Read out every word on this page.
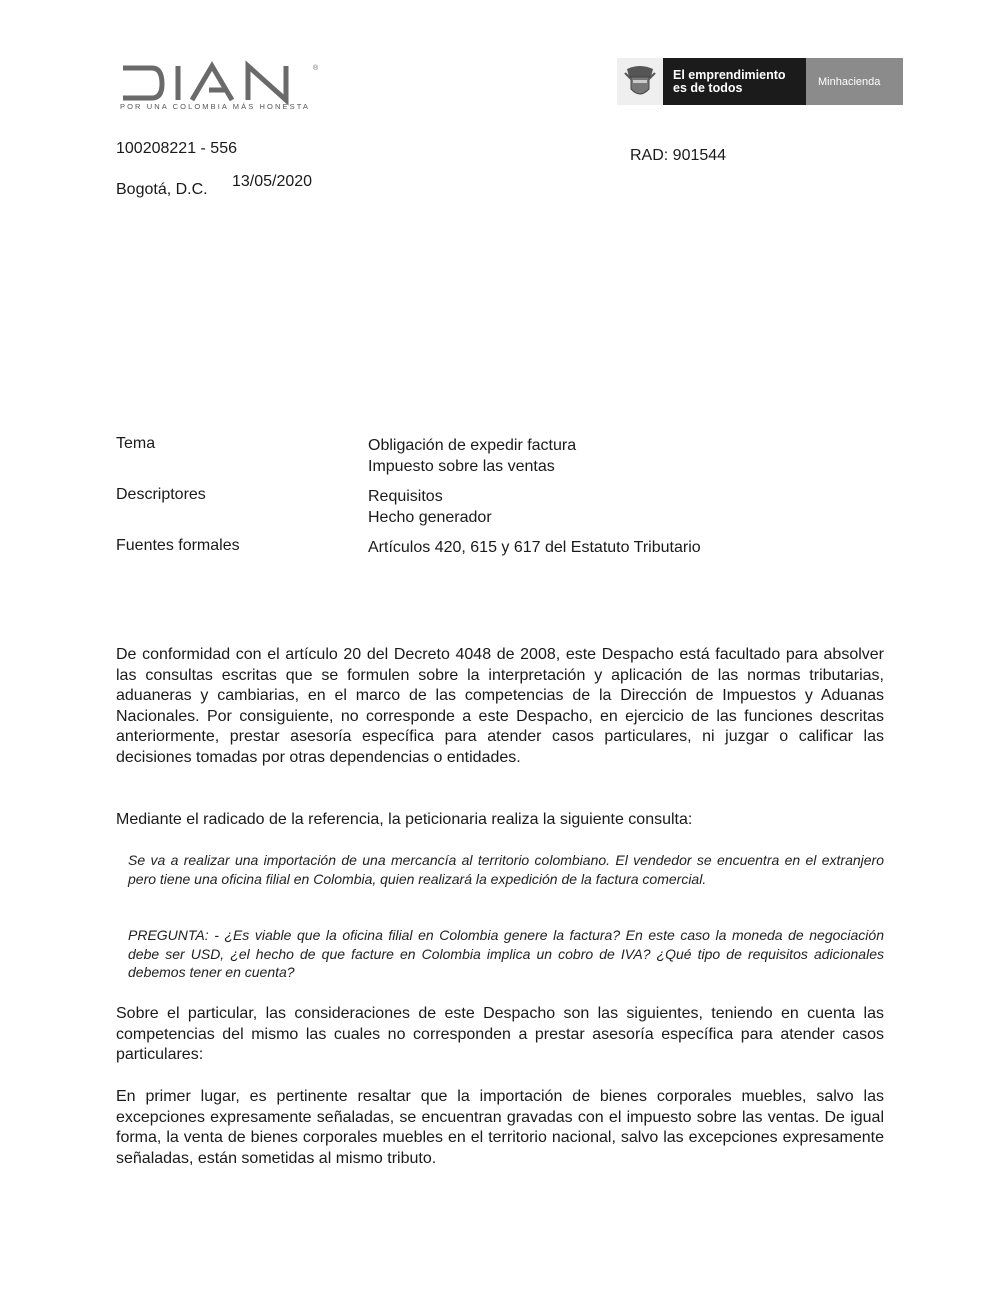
®
POR UNA COLOMBIA MÁS HONESTA
El emprendimiento
es de todos	Minhacienda
100208221 - 556	RAD: 901544
Bogotá, D.C. 13/05/2020
Tema	Obligación de expedir factura
Impuesto sobre las ventas
Descriptores	Requisitos
Hecho generador
Fuentes formales	Artículos 420, 615 y 617 del Estatuto Tributario

De conformidad con el artículo 20 del Decreto 4048 de 2008, este Despacho está facultado para absolver las consultas escritas que se formulen sobre la interpretación y aplicación de las normas tributarias, aduaneras y cambiarias, en el marco de las competencias de la Dirección de Impuestos y Aduanas Nacionales. Por consiguiente, no corresponde a este Despacho, en ejercicio de las funciones descritas anteriormente, prestar asesoría específica para atender casos particulares, ni juzgar o calificar las decisiones tomadas por otras dependencias o entidades.

Mediante el radicado de la referencia, la peticionaria realiza la siguiente consulta:

Se va a realizar una importación de una mercancía al territorio colombiano. El vendedor se encuentra en el extranjero pero tiene una oficina filial en Colombia, quien realizará la expedición de la factura comercial.

PREGUNTA: - ¿Es viable que la oficina filial en Colombia genere la factura? En este caso la moneda de negociación debe ser USD, ¿el hecho de que facture en Colombia implica un cobro de IVA? ¿Qué tipo de requisitos adicionales debemos tener en cuenta?

Sobre el particular, las consideraciones de este Despacho son las siguientes, teniendo en cuenta las competencias del mismo las cuales no corresponden a prestar asesoría específica para atender casos particulares:

En primer lugar, es pertinente resaltar que la importación de bienes corporales muebles, salvo las excepciones expresamente señaladas, se encuentran gravadas con el impuesto sobre las ventas. De igual forma, la venta de bienes corporales muebles en el territorio nacional, salvo las excepciones expresamente señaladas, están sometidas al mismo tributo.
